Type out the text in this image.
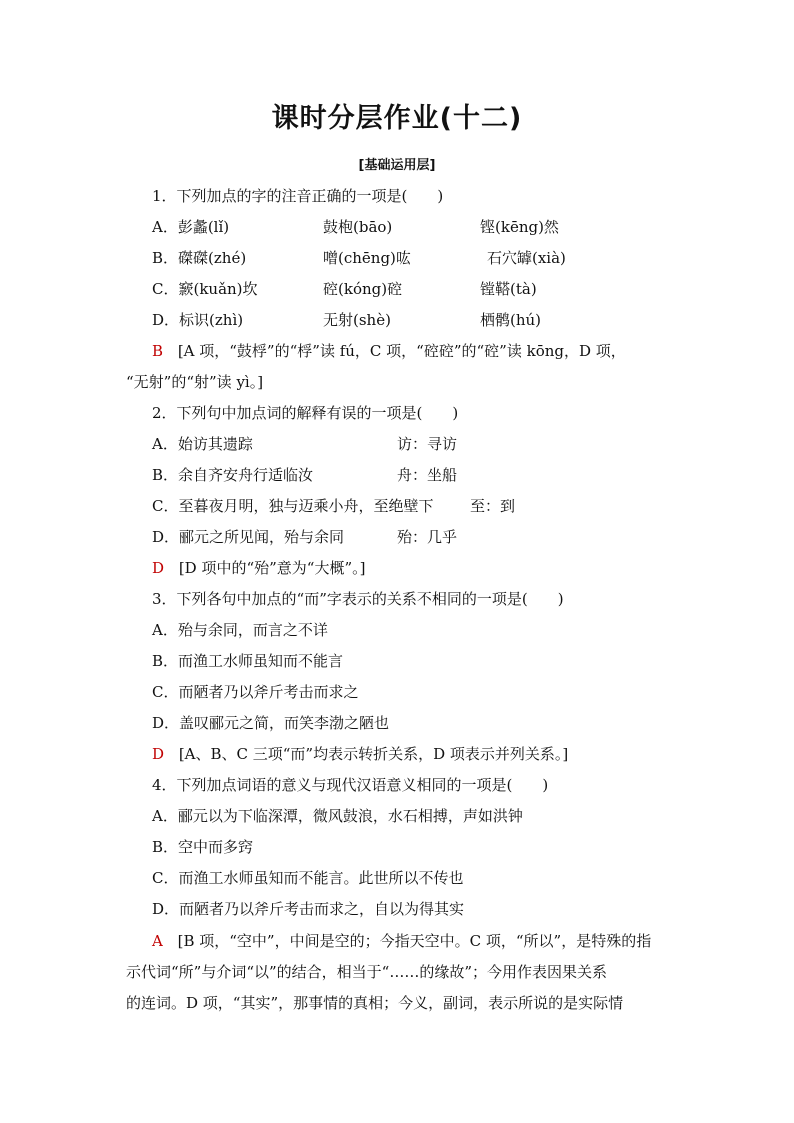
课时分层作业(十二)
[基础运用层]
1．下列加点的字的注音正确的一项是(　　)
A．彭蠡(lǐ)	鼓枹(bāo)	铿(kēng)然
B．磔磔(zhé)	噌(chēng)吰	石穴罅(xià)
C．窾(kuǎn)坎	硿(kóng)硿	镗鞳(tà)
D．标识(zhì)	无射(shè)	栖鹘(hú)
B [A 项，“鼓桴”的“桴”读 fú，C 项，“硿硿”的“硿”读 kōng，D 项，
“无射”的“射”读 yì。]
2．下列句中加点词的解释有误的一项是(　　)
A．始访其遗踪	访：寻访
B．余自齐安舟行适临汝	舟：坐船
C．至暮夜月明，独与迈乘小舟，至绝壁下 至：到
D．郦元之所见闻，殆与余同	殆：几乎
D [D 项中的“殆”意为“大概”。]
3．下列各句中加点的“而”字表示的关系不相同的一项是(　　)
A．殆与余同，而言之不详
B．而渔工水师虽知而不能言
C．而陋者乃以斧斤考击而求之
D．盖叹郦元之简，而笑李渤之陋也
D [A、B、C 三项“而”均表示转折关系，D 项表示并列关系。]
4．下列加点词语的意义与现代汉语意义相同的一项是(　　)
A．郦元以为下临深潭，微风鼓浪，水石相搏，声如洪钟
B．空中而多窍
C．而渔工水师虽知而不能言。此世所以不传也
D．而陋者乃以斧斤考击而求之，自以为得其实
A [B 项，“空中”，中间是空的；今指天空中。C 项，“所以”，是特殊的指
示代词“所”与介词“以”的结合，相当于“……的缘故”；今用作表因果关系
的连词。D 项，“其实”，那事情的真相；今义，副词，表示所说的是实际情
